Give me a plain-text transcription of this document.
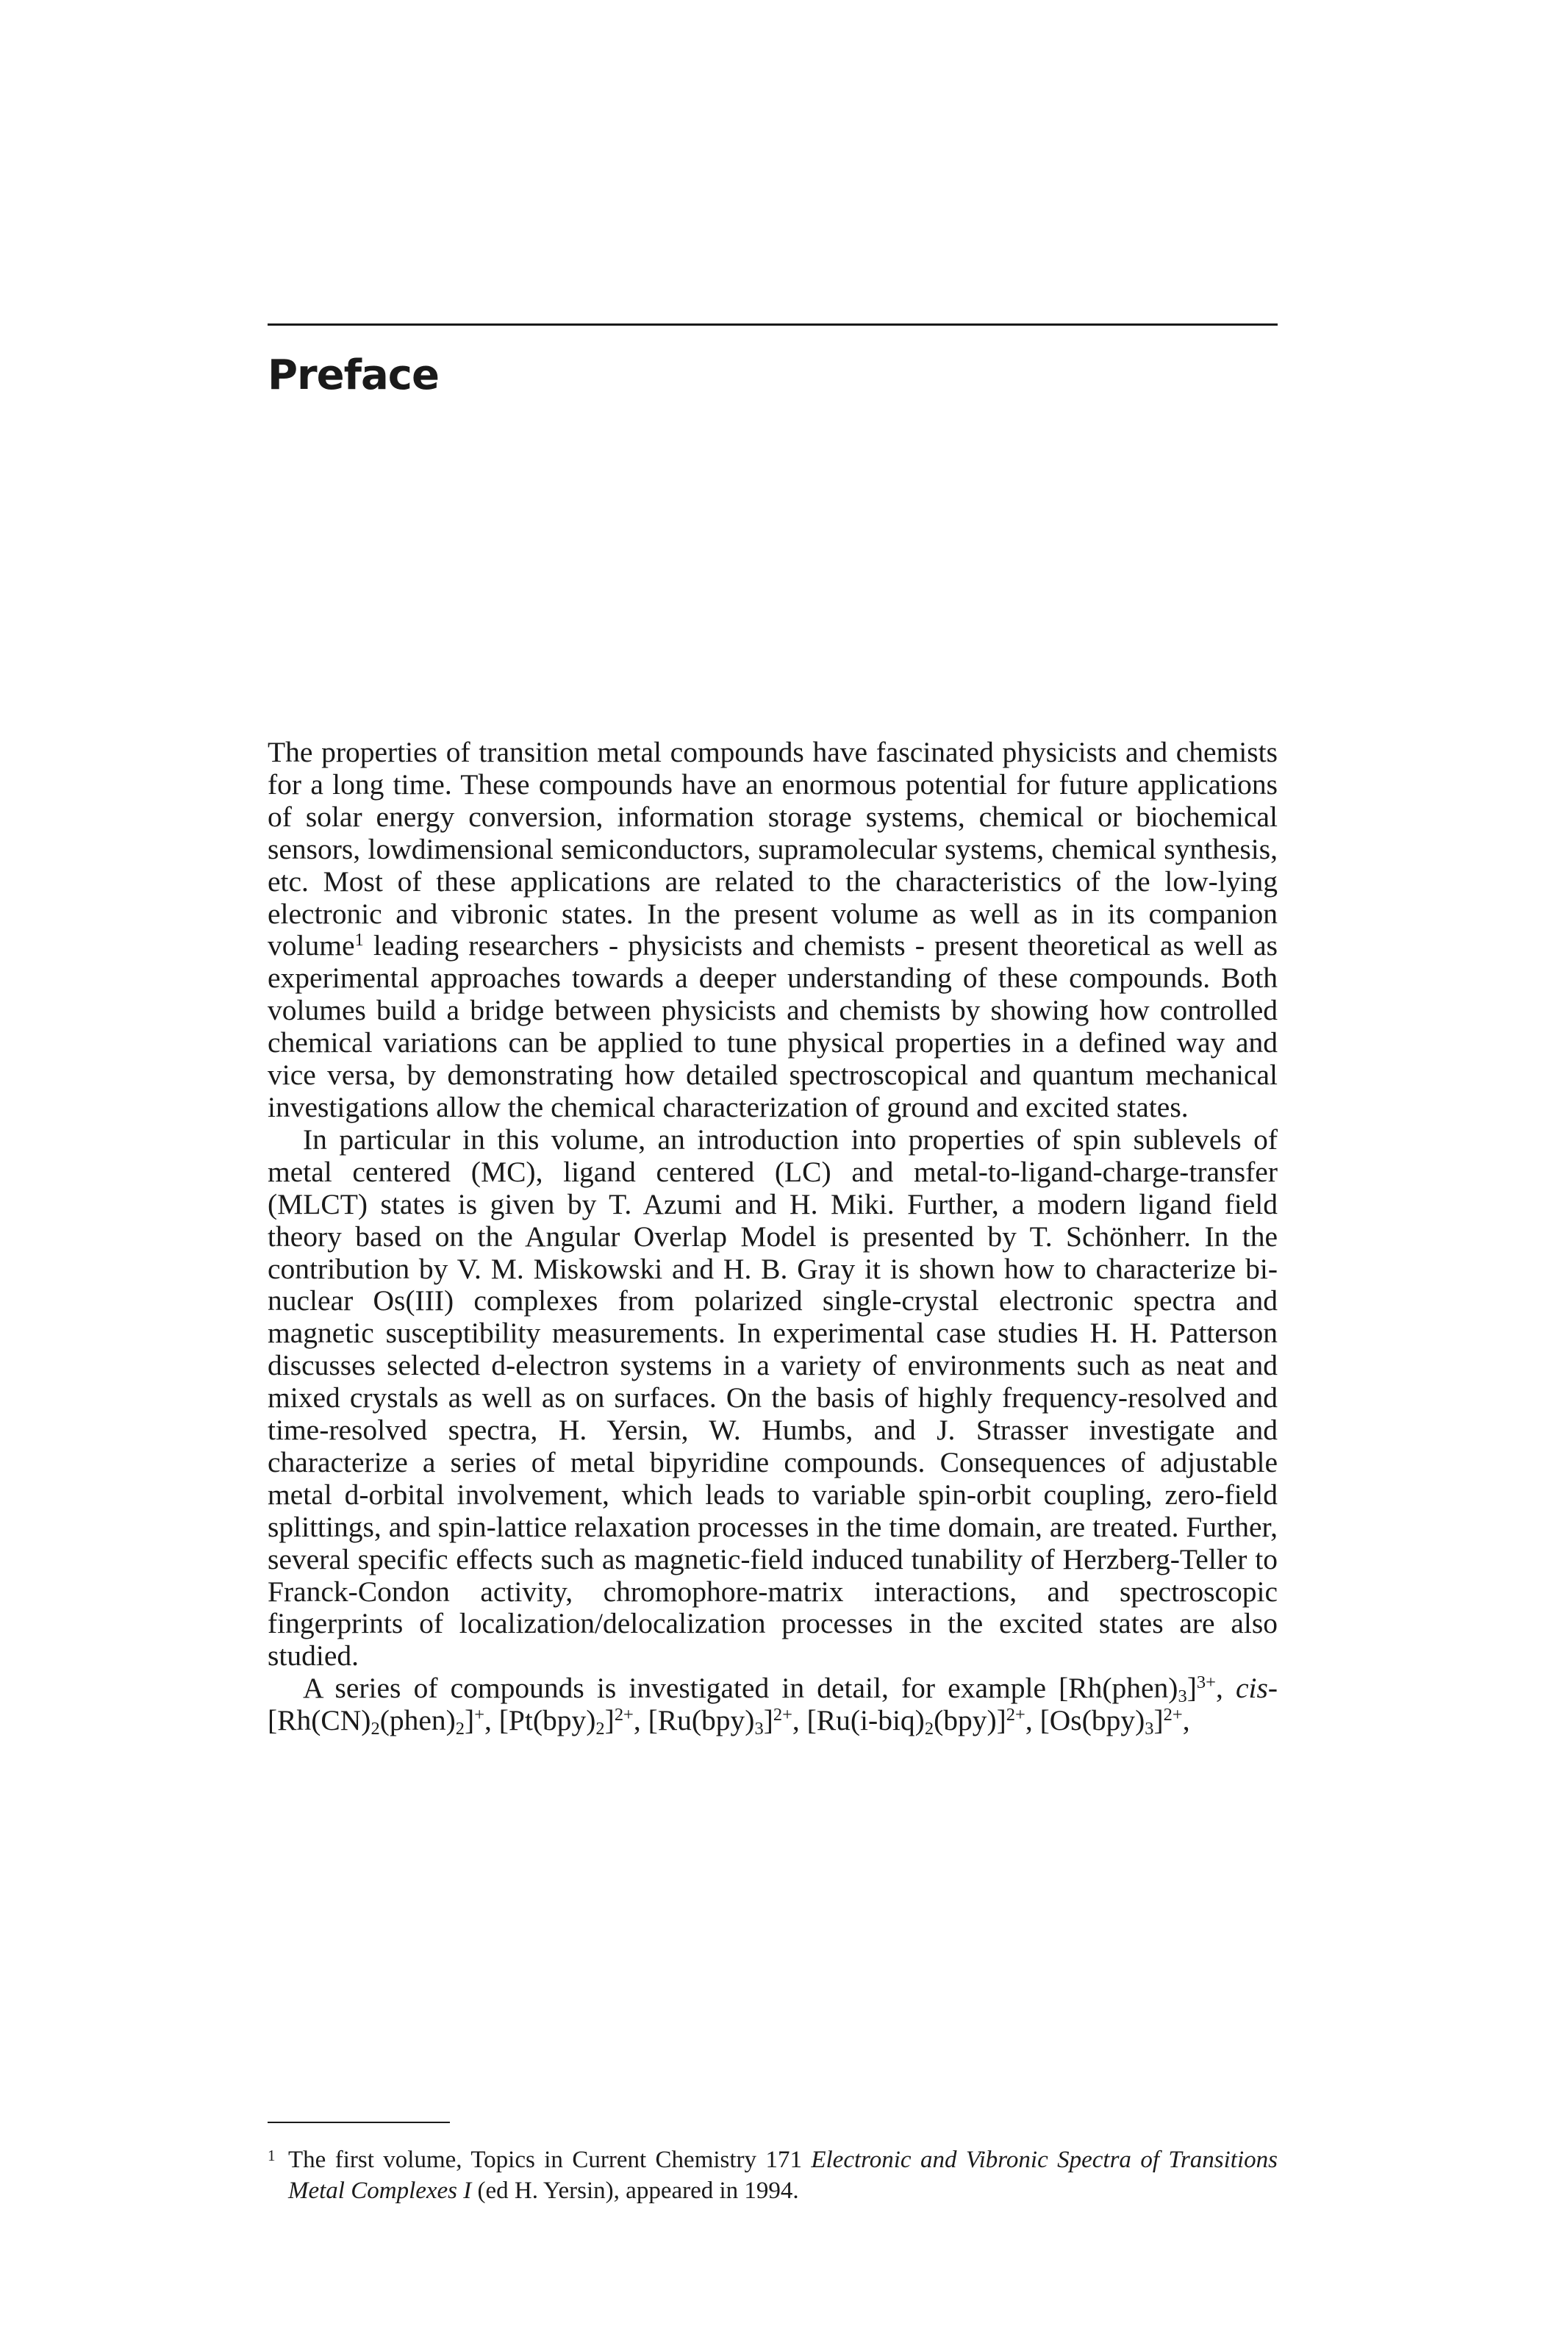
Preface

The properties of transition metal compounds have fascinated physicists and chemists for a long time. These compounds have an enormous potential for future applications of solar energy conversion, information storage systems, chemical or biochemical sensors, lowdimensional semiconductors, supramolecular systems, chemical synthesis, etc. Most of these applications are related to the characteristics of the low-lying electronic and vibronic states. In the present volume as well as in its companion volume$^1$ leading researchers - physicists and chemists - present theoretical as well as experimental approaches towards a deeper understanding of these compounds. Both volumes build a bridge between physicists and chemists by showing how controlled chemical variations can be applied to tune physical properties in a defined way and vice versa, by demonstrating how detailed spectroscopical and quantum mechanical investigations allow the chemical characterization of ground and excited states.

In particular in this volume, an introduction into properties of spin sublevels of metal centered (MC), ligand centered (LC) and metal-to-ligand-charge-transfer (MLCT) states is given by T. Azumi and H. Miki. Further, a modern ligand field theory based on the Angular Overlap Model is presented by T. Schönherr. In the contribution by V. M. Miskowski and H. B. Gray it is shown how to characterize bi-nuclear Os(III) complexes from polarized single-crystal electronic spectra and magnetic susceptibility measurements. In experimental case studies H. H. Patterson discusses selected d-electron systems in a variety of environments such as neat and mixed crystals as well as on surfaces. On the basis of highly frequency-resolved and time-resolved spectra, H. Yersin, W. Humbs, and J. Strasser investigate and characterize a series of metal bipyridine compounds. Consequences of adjustable metal d-orbital involvement, which leads to variable spin-orbit coupling, zero-field splittings, and spin-lattice relaxation processes in the time domain, are treated. Further, several specific effects such as magnetic-field induced tunability of Herzberg-Teller to Franck-Condon activity, chromophore-matrix interactions, and spectroscopic fingerprints of localization/delocalization processes in the excited states are also studied.

A series of compounds is investigated in detail, for example $[Rh(phen)_3]^{3+}$, cis-$[Rh(CN)_2(phen)_2]^+$, $[Pt(bpy)_2]^{2+}$, $[Ru(bpy)_3]^{2+}$, $[Ru(i-biq)_2(bpy)]^{2+}$, $[Os(bpy)_3]^{2+}$,

1 The first volume, Topics in Current Chemistry 171 Electronic and Vibronic Spectra of Transitions Metal Complexes I (ed H. Yersin), appeared in 1994.
